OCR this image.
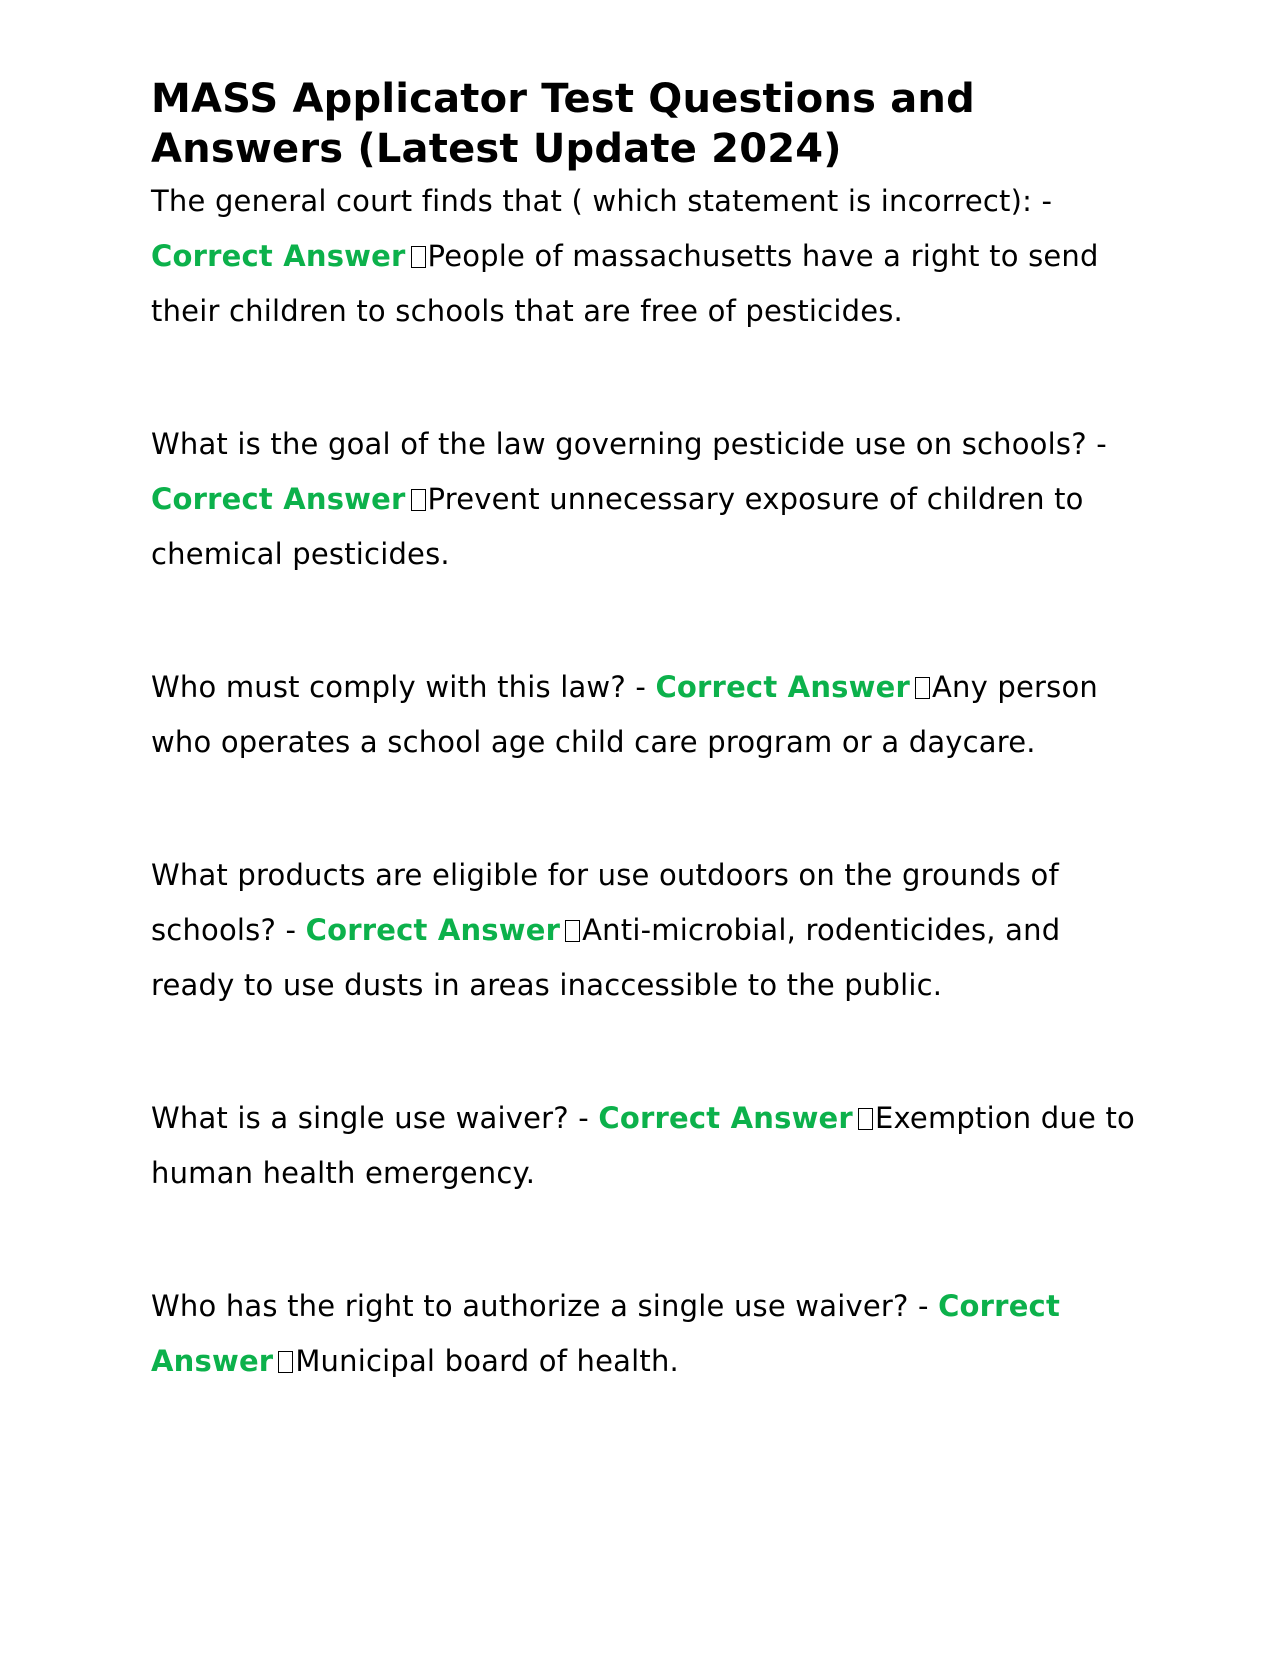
MASS Applicator Test Questions and Answers (Latest Update 2024)

The general court finds that ( which statement is incorrect): - Correct Answer People of massachusetts have a right to send their children to schools that are free of pesticides.

What is the goal of the law governing pesticide use on schools? - Correct Answer Prevent unnecessary exposure of children to chemical pesticides.

Who must comply with this law? - Correct Answer Any person who operates a school age child care program or a daycare.

What products are eligible for use outdoors on the grounds of schools? - Correct Answer Anti-microbial, rodenticides, and ready to use dusts in areas inaccessible to the public.

What is a single use waiver? - Correct Answer Exemption due to human health emergency.

Who has the right to authorize a single use waiver? - Correct Answer Municipal board of health.
